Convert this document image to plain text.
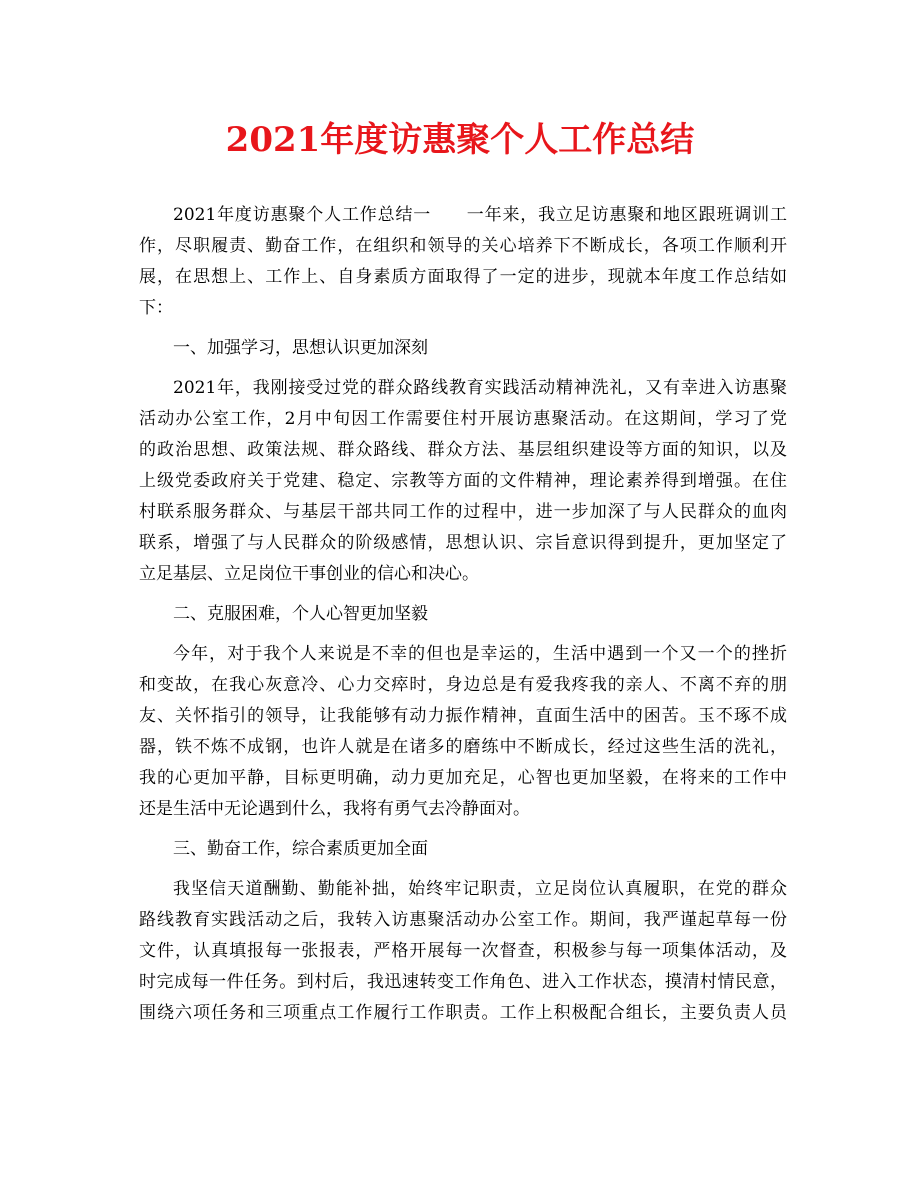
2021年度访惠聚个人工作总结
2021年度访惠聚个人工作总结一　　一年来，我立足访惠聚和地区跟班调训工
作，尽职履责、勤奋工作，在组织和领导的关心培养下不断成长，各项工作顺利开
展，在思想上、工作上、自身素质方面取得了一定的进步，现就本年度工作总结如
下：
一、加强学习，思想认识更加深刻
2021年，我刚接受过党的群众路线教育实践活动精神洗礼，又有幸进入访惠聚
活动办公室工作，2月中旬因工作需要住村开展访惠聚活动。在这期间，学习了党
的政治思想、政策法规、群众路线、群众方法、基层组织建设等方面的知识，以及
上级党委政府关于党建、稳定、宗教等方面的文件精神，理论素养得到增强。在住
村联系服务群众、与基层干部共同工作的过程中，进一步加深了与人民群众的血肉
联系，增强了与人民群众的阶级感情，思想认识、宗旨意识得到提升，更加坚定了
立足基层、立足岗位干事创业的信心和决心。
二、克服困难，个人心智更加坚毅
今年，对于我个人来说是不幸的但也是幸运的，生活中遇到一个又一个的挫折
和变故，在我心灰意冷、心力交瘁时，身边总是有爱我疼我的亲人、不离不弃的朋
友、关怀指引的领导，让我能够有动力振作精神，直面生活中的困苦。玉不琢不成
器，铁不炼不成钢，也许人就是在诸多的磨练中不断成长，经过这些生活的洗礼，
我的心更加平静，目标更明确，动力更加充足，心智也更加坚毅，在将来的工作中
还是生活中无论遇到什么，我将有勇气去冷静面对。
三、勤奋工作，综合素质更加全面
我坚信天道酬勤、勤能补拙，始终牢记职责，立足岗位认真履职，在党的群众
路线教育实践活动之后，我转入访惠聚活动办公室工作。期间，我严谨起草每一份
文件，认真填报每一张报表，严格开展每一次督查，积极参与每一项集体活动，及
时完成每一件任务。到村后，我迅速转变工作角色、进入工作状态，摸清村情民意，
围绕六项任务和三项重点工作履行工作职责。工作上积极配合组长，主要负责人员
